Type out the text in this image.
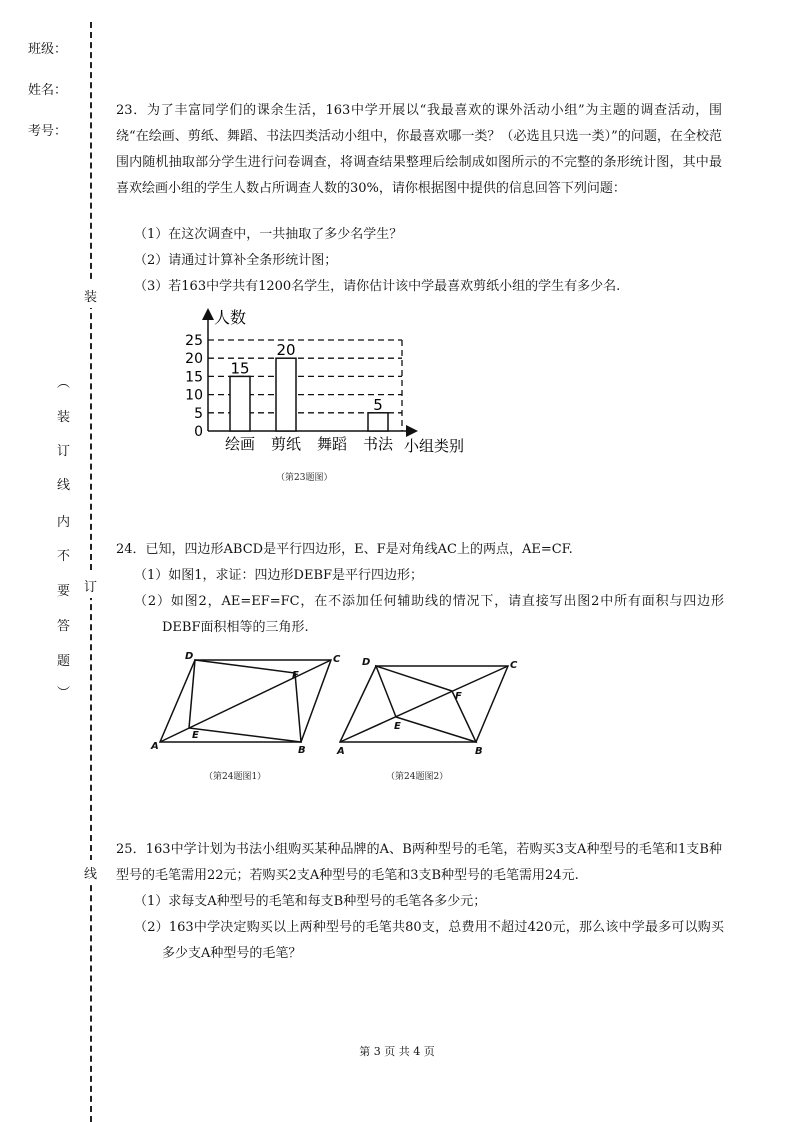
班级：
姓名：
考号：
装
订
线
︵
装
订
线
内
不
要
答
题
︶
23．为了丰富同学们的课余生活，163中学开展以“我最喜欢的课外活动小组”为主题的调查活动，围绕“在绘画、剪纸、舞蹈、书法四类活动小组中，你最喜欢哪一类？（必选且只选一类）”的问题，在全校范围内随机抽取部分学生进行问卷调查，将调查结果整理后绘制成如图所示的不完整的条形统计图，其中最喜欢绘画小组的学生人数占所调查人数的30%，请你根据图中提供的信息回答下列问题：
（1）在这次调查中，一共抽取了多少名学生？
（2）请通过计算补全条形统计图；
（3）若163中学共有1200名学生，请你估计该中学最喜欢剪纸小组的学生有多少名.
人数
小组类别
0
5
10
15
20
25
15
20
5
绘画 剪纸 舞蹈 书法
（第23题图）
24．已知，四边形ABCD是平行四边形，E、F是对角线AC上的两点，AE=CF.
（1）如图1，求证：四边形DEBF是平行四边形；
（2）如图2，AE=EF=FC，在不添加任何辅助线的情况下，请直接写出图2中所有面积与四边形DEBF面积相等的三角形.
D	C
F
E
A	B
D	C
F
E
A	B
（第24题图1）	（第24题图2）
25．163中学计划为书法小组购买某种品牌的A、B两种型号的毛笔，若购买3支A种型号的毛笔和1支B种型号的毛笔需用22元；若购买2支A种型号的毛笔和3支B种型号的毛笔需用24元.
（1）求每支A种型号的毛笔和每支B种型号的毛笔各多少元；
（2）163中学决定购买以上两种型号的毛笔共80支，总费用不超过420元，那么该中学最多可以购买多少支A种型号的毛笔？
第 3 页 共 4 页
